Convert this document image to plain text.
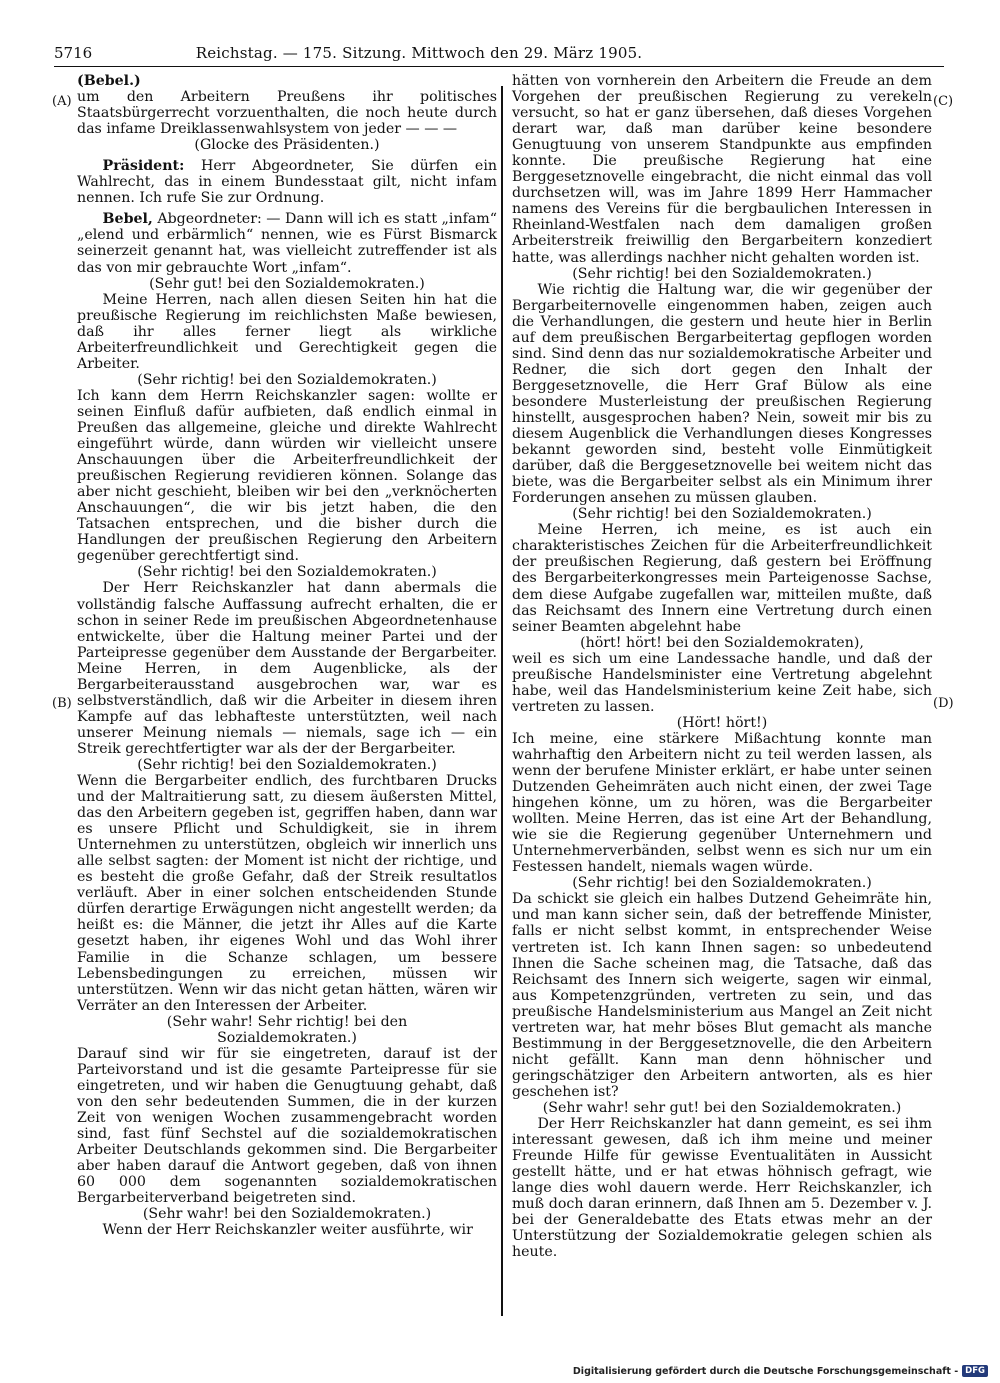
5716	Reichstag. — 175. Sitzung. Mittwoch den 29. März 1905.
(A)
(B)
(C)
(D)

(Bebel.)

um den Arbeitern Preußens ihr politisches Staatsbürgerrecht vorzuenthalten, die noch heute durch das infame Dreiklassenwahlsystem von jeder — — —

(Glocke des Präsidenten.)

Präsident: Herr Abgeordneter, Sie dürfen ein Wahlrecht, das in einem Bundesstaat gilt, nicht infam nennen. Ich rufe Sie zur Ordnung.

Bebel, Abgeordneter: — Dann will ich es statt „infam“ „elend und erbärmlich“ nennen, wie es Fürst Bismarck seinerzeit genannt hat, was vielleicht zutreffender ist als das von mir gebrauchte Wort „infam“.

(Sehr gut! bei den Sozialdemokraten.)

Meine Herren, nach allen diesen Seiten hin hat die preußische Regierung im reichlichsten Maße bewiesen, daß ihr alles ferner liegt als wirkliche Arbeiterfreundlichkeit und Gerechtigkeit gegen die Arbeiter.

(Sehr richtig! bei den Sozialdemokraten.)

Ich kann dem Herrn Reichskanzler sagen: wollte er seinen Einfluß dafür aufbieten, daß endlich einmal in Preußen das allgemeine, gleiche und direkte Wahlrecht eingeführt würde, dann würden wir vielleicht unsere Anschauungen über die Arbeiterfreundlichkeit der preußischen Regierung revidieren können. Solange das aber nicht geschieht, bleiben wir bei den „verknöcherten Anschauungen“, die wir bis jetzt haben, die den Tatsachen entsprechen, und die bisher durch die Handlungen der preußischen Regierung den Arbeitern gegenüber gerechtfertigt sind.

(Sehr richtig! bei den Sozialdemokraten.)

Der Herr Reichskanzler hat dann abermals die vollständig falsche Auffassung aufrecht erhalten, die er schon in seiner Rede im preußischen Abgeordnetenhause entwickelte, über die Haltung meiner Partei und der Parteipresse gegenüber dem Ausstande der Bergarbeiter. Meine Herren, in dem Augenblicke, als der Bergarbeiterausstand ausgebrochen war, war es selbstverständlich, daß wir die Arbeiter in diesem ihren Kampfe auf das lebhafteste unterstützten, weil nach unserer Meinung niemals — niemals, sage ich — ein Streik gerechtfertigter war als der der Bergarbeiter.

(Sehr richtig! bei den Sozialdemokraten.)

Wenn die Bergarbeiter endlich, des furchtbaren Drucks und der Maltraitierung satt, zu diesem äußersten Mittel, das den Arbeitern gegeben ist, gegriffen haben, dann war es unsere Pflicht und Schuldigkeit, sie in ihrem Unternehmen zu unterstützen, obgleich wir innerlich uns alle selbst sagten: der Moment ist nicht der richtige, und es besteht die große Gefahr, daß der Streik resultatlos verläuft. Aber in einer solchen entscheidenden Stunde dürfen derartige Erwägungen nicht angestellt werden; da heißt es: die Männer, die jetzt ihr Alles auf die Karte gesetzt haben, ihr eigenes Wohl und das Wohl ihrer Familie in die Schanze schlagen, um bessere Lebensbedingungen zu erreichen, müssen wir unterstützen. Wenn wir das nicht getan hätten, wären wir Verräter an den Interessen der Arbeiter.

(Sehr wahr! Sehr richtig! bei den Sozialdemokraten.)

Darauf sind wir für sie eingetreten, darauf ist der Parteivorstand und ist die gesamte Parteipresse für sie eingetreten, und wir haben die Genugtuung gehabt, daß von den sehr bedeutenden Summen, die in der kurzen Zeit von wenigen Wochen zusammengebracht worden sind, fast fünf Sechstel auf die sozialdemokratischen Arbeiter Deutschlands gekommen sind. Die Bergarbeiter aber haben darauf die Antwort gegeben, daß von ihnen 60 000 dem sogenannten sozialdemokratischen Bergarbeiterverband beigetreten sind.

(Sehr wahr! bei den Sozialdemokraten.)

Wenn der Herr Reichskanzler weiter ausführte, wir

hätten von vornherein den Arbeitern die Freude an dem Vorgehen der preußischen Regierung zu verekeln versucht, so hat er ganz übersehen, daß dieses Vorgehen derart war, daß man darüber keine besondere Genugtuung von unserem Standpunkte aus empfinden konnte. Die preußische Regierung hat eine Berggesetznovelle eingebracht, die nicht einmal das voll durchsetzen will, was im Jahre 1899 Herr Hammacher namens des Vereins für die bergbaulichen Interessen in Rheinland-Westfalen nach dem damaligen großen Arbeiterstreik freiwillig den Bergarbeitern konzediert hatte, was allerdings nachher nicht gehalten worden ist.

(Sehr richtig! bei den Sozialdemokraten.)

Wie richtig die Haltung war, die wir gegenüber der Bergarbeiternovelle eingenommen haben, zeigen auch die Verhandlungen, die gestern und heute hier in Berlin auf dem preußischen Bergarbeitertag gepflogen worden sind. Sind denn das nur sozialdemokratische Arbeiter und Redner, die sich dort gegen den Inhalt der Berggesetznovelle, die Herr Graf Bülow als eine besondere Musterleistung der preußischen Regierung hinstellt, ausgesprochen haben? Nein, soweit mir bis zu diesem Augenblick die Verhandlungen dieses Kongresses bekannt geworden sind, besteht volle Einmütigkeit darüber, daß die Berggesetznovelle bei weitem nicht das biete, was die Bergarbeiter selbst als ein Minimum ihrer Forderungen ansehen zu müssen glauben.

(Sehr richtig! bei den Sozialdemokraten.)

Meine Herren, ich meine, es ist auch ein charakteristisches Zeichen für die Arbeiterfreundlichkeit der preußischen Regierung, daß gestern bei Eröffnung des Bergarbeiterkongresses mein Parteigenosse Sachse, dem diese Aufgabe zugefallen war, mitteilen mußte, daß das Reichsamt des Innern eine Vertretung durch einen seiner Beamten abgelehnt habe

(hört! hört! bei den Sozialdemokraten),

weil es sich um eine Landessache handle, und daß der preußische Handelsminister eine Vertretung abgelehnt habe, weil das Handelsministerium keine Zeit habe, sich vertreten zu lassen.

(Hört! hört!)

Ich meine, eine stärkere Mißachtung konnte man wahrhaftig den Arbeitern nicht zu teil werden lassen, als wenn der berufene Minister erklärt, er habe unter seinen Dutzenden Geheimräten auch nicht einen, der zwei Tage hingehen könne, um zu hören, was die Bergarbeiter wollten. Meine Herren, das ist eine Art der Behandlung, wie sie die Regierung gegenüber Unternehmern und Unternehmerverbänden, selbst wenn es sich nur um ein Festessen handelt, niemals wagen würde.

(Sehr richtig! bei den Sozialdemokraten.)

Da schickt sie gleich ein halbes Dutzend Geheimräte hin, und man kann sicher sein, daß der betreffende Minister, falls er nicht selbst kommt, in entsprechender Weise vertreten ist. Ich kann Ihnen sagen: so unbedeutend Ihnen die Sache scheinen mag, die Tatsache, daß das Reichsamt des Innern sich weigerte, sagen wir einmal, aus Kompetenzgründen, vertreten zu sein, und das preußische Handelsministerium aus Mangel an Zeit nicht vertreten war, hat mehr böses Blut gemacht als manche Bestimmung in der Berggesetznovelle, die den Arbeitern nicht gefällt. Kann man denn höhnischer und geringschätziger den Arbeitern antworten, als es hier geschehen ist?

(Sehr wahr! sehr gut! bei den Sozialdemokraten.)

Der Herr Reichskanzler hat dann gemeint, es sei ihm interessant gewesen, daß ich ihm meine und meiner Freunde Hilfe für gewisse Eventualitäten in Aussicht gestellt hätte, und er hat etwas höhnisch gefragt, wie lange dies wohl dauern werde. Herr Reichskanzler, ich muß doch daran erinnern, daß Ihnen am 5. Dezember v. J. bei der Generaldebatte des Etats etwas mehr an der Unterstützung der Sozialdemokratie gelegen schien als heute.

Digitalisierung gefördert durch die Deutsche Forschungsgemeinschaft - DFG
